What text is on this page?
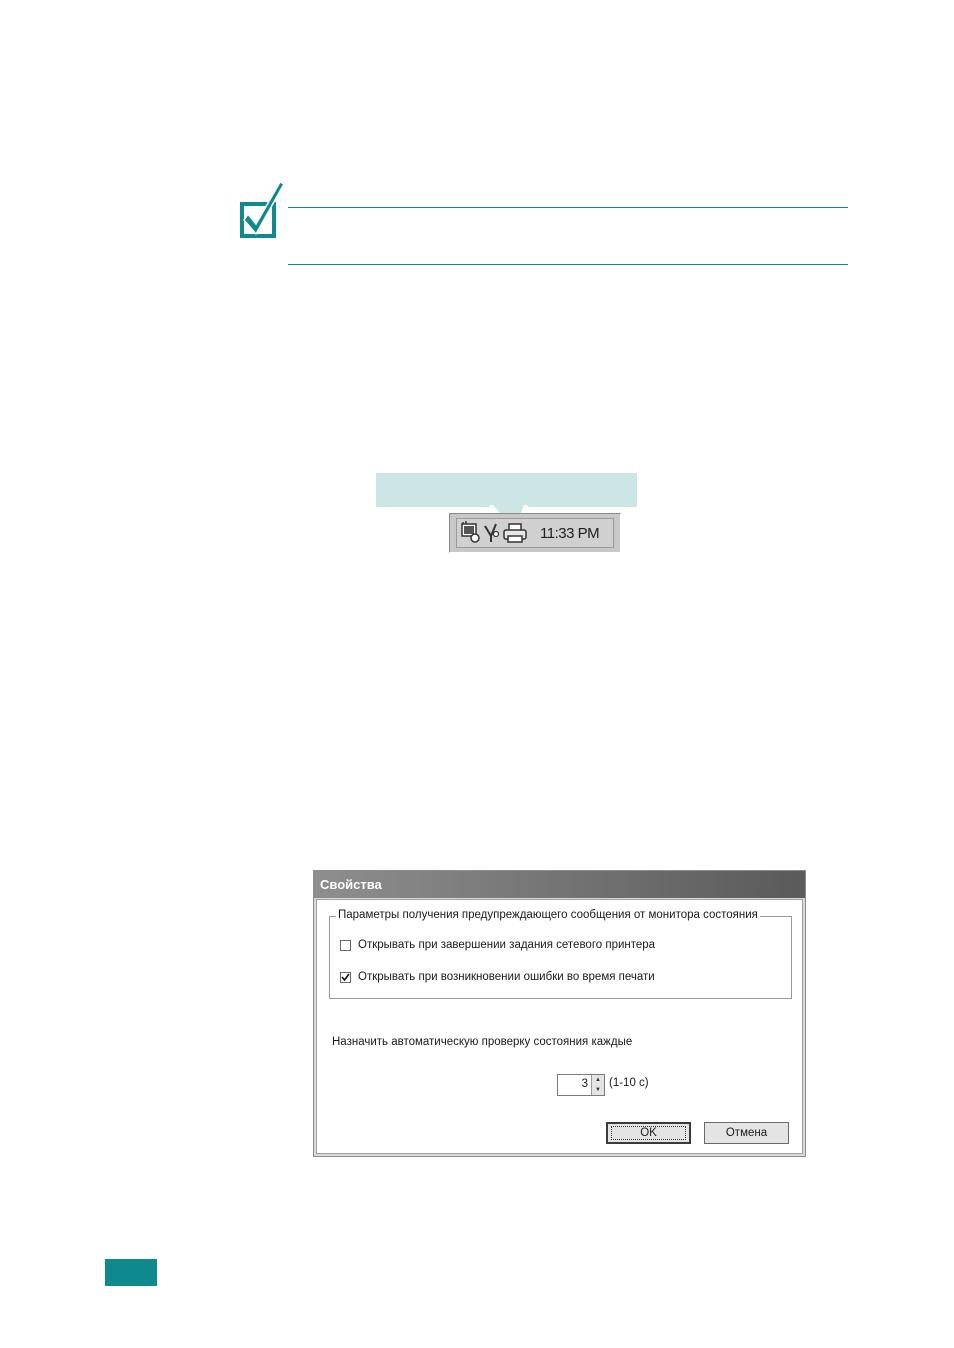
11:33 PM
Свойства
Параметры получения предупреждающего сообщения от монитора состояния
Открывать при завершении задания сетевого принтера
Открывать при возникновении ошибки во время печати
Назначить автоматическую проверку состояния каждые
3	▲
▼
(1-10 с)
OK	Отмена
